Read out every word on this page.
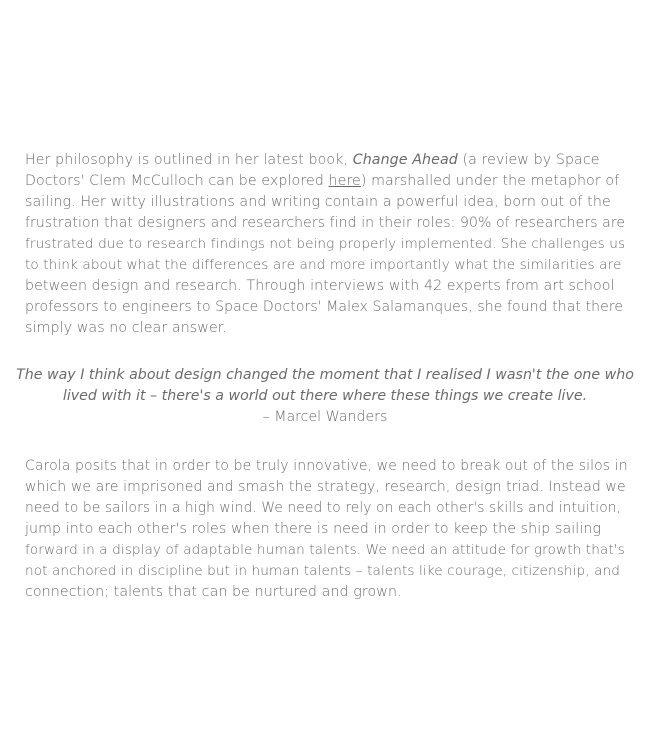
Her philosophy is outlined in her latest book, Change Ahead (a review by Space
Doctors' Clem McCulloch can be explored here) marshalled under the metaphor of
sailing. Her witty illustrations and writing contain a powerful idea, born out of the
frustration that designers and researchers find in their roles: 90% of researchers are
frustrated due to research findings not being properly implemented. She challenges us
to think about what the differences are and more importantly what the similarities are
between design and research. Through interviews with 42 experts from art school
professors to engineers to Space Doctors' Malex Salamanques, she found that there
simply was no clear answer.
The way I think about design changed the moment that I realised I wasn't the one who
lived with it – there's a world out there where these things we create live.
– Marcel Wanders
Carola posits that in order to be truly innovative, we need to break out of the silos in
which we are imprisoned and smash the strategy, research, design triad. Instead we
need to be sailors in a high wind. We need to rely on each other's skills and intuition,
jump into each other's roles when there is need in order to keep the ship sailing
forward in a display of adaptable human talents. We need an attitude for growth that's
not anchored in discipline but in human talents – talents like courage, citizenship, and
connection; talents that can be nurtured and grown.
